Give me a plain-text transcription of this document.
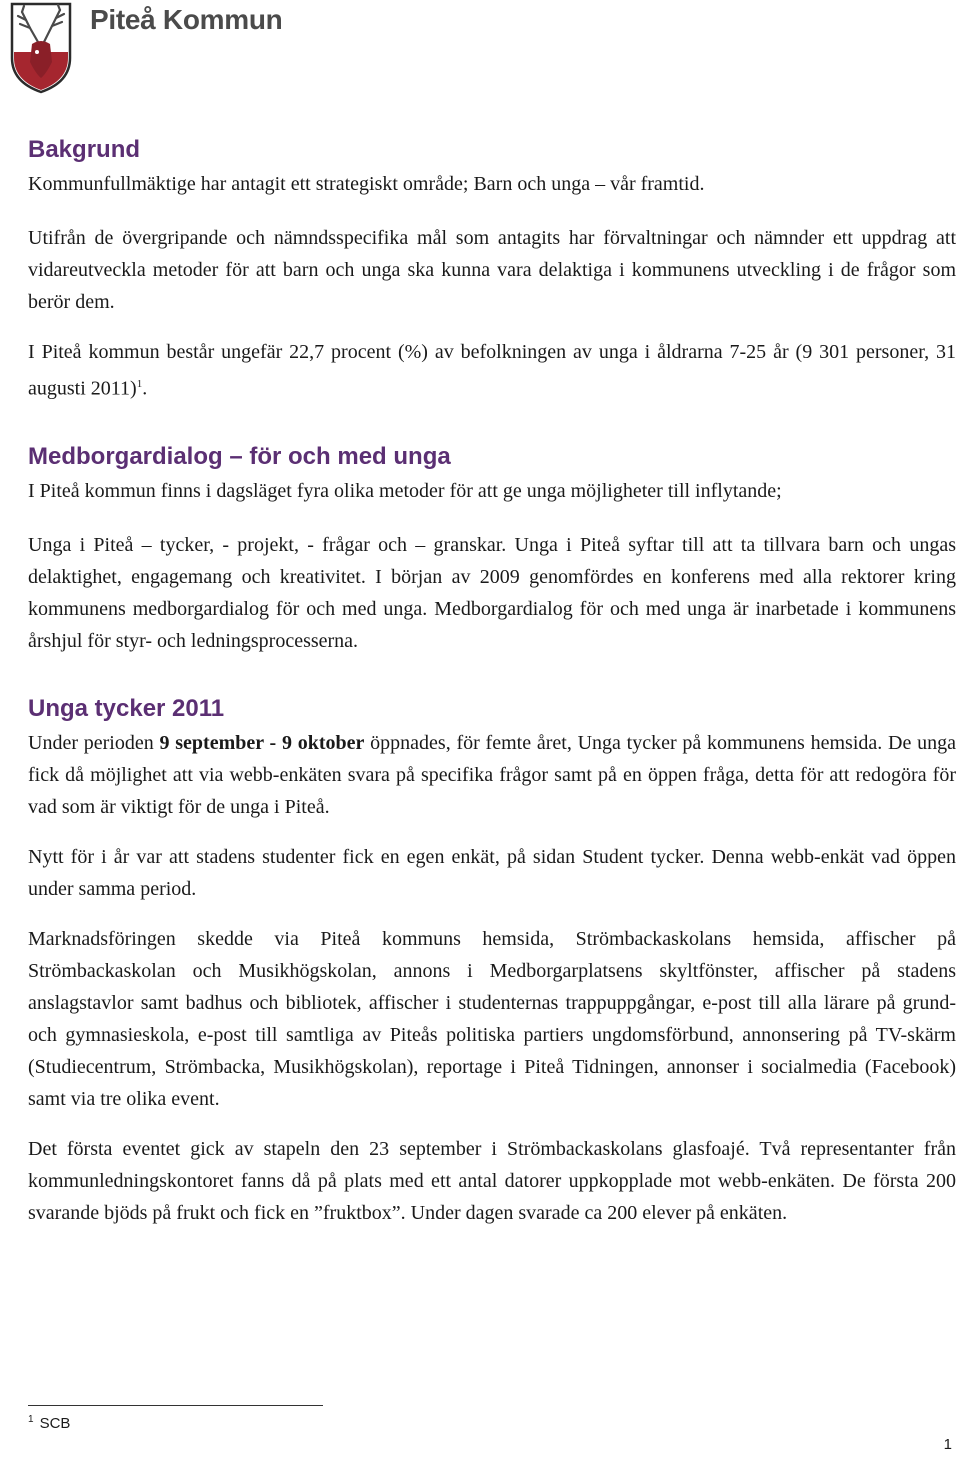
Piteå Kommun
Bakgrund

Kommunfullmäktige har antagit ett strategiskt område; Barn och unga – vår framtid.

Utifrån de övergripande och nämndsspecifika mål som antagits har förvaltningar och nämnder ett uppdrag att vidareutveckla metoder för att barn och unga ska kunna vara delaktiga i kommunens utveckling i de frågor som berör dem.

I Piteå kommun består ungefär 22,7 procent (%) av befolkningen av unga i åldrarna 7-25 år (9 301 personer, 31 augusti 2011)$^1$.

Medborgardialog – för och med unga

I Piteå kommun finns i dagsläget fyra olika metoder för att ge unga möjligheter till inflytande;

Unga i Piteå – tycker, - projekt, - frågar och – granskar. Unga i Piteå syftar till att ta tillvara barn och ungas delaktighet, engagemang och kreativitet. I början av 2009 genomfördes en konferens med alla rektorer kring kommunens medborgardialog för och med unga. Medborgardialog för och med unga är inarbetade i kommunens årshjul för styr- och ledningsprocesserna.

Unga tycker 2011

Under perioden 9 september - 9 oktober öppnades, för femte året, Unga tycker på kommunens hemsida. De unga fick då möjlighet att via webb-enkäten svara på specifika frågor samt på en öppen fråga, detta för att redogöra för vad som är viktigt för de unga i Piteå.

Nytt för i år var att stadens studenter fick en egen enkät, på sidan Student tycker. Denna webb-enkät vad öppen under samma period.

Marknadsföringen skedde via Piteå kommuns hemsida, Strömbackaskolans hemsida, affischer på Strömbackaskolan och Musikhögskolan, annons i Medborgarplatsens skyltfönster, affischer på stadens anslagstavlor samt badhus och bibliotek, affischer i studenternas trappuppgångar, e-post till alla lärare på grund- och gymnasieskola, e-post till samtliga av Piteås politiska partiers ungdomsförbund, annonsering på TV-skärm (Studiecentrum, Strömbacka, Musikhögskolan), reportage i Piteå Tidningen, annonser i socialmedia (Facebook) samt via tre olika event.

Det första eventet gick av stapeln den 23 september i Strömbackaskolans glasfoajé. Två representanter från kommunledningskontoret fanns då på plats med ett antal datorer uppkopplade mot webb-enkäten. De första 200 svarande bjöds på frukt och fick en ”fruktbox”. Under dagen svarade ca 200 elever på enkäten.

$^1$ SCB
1
